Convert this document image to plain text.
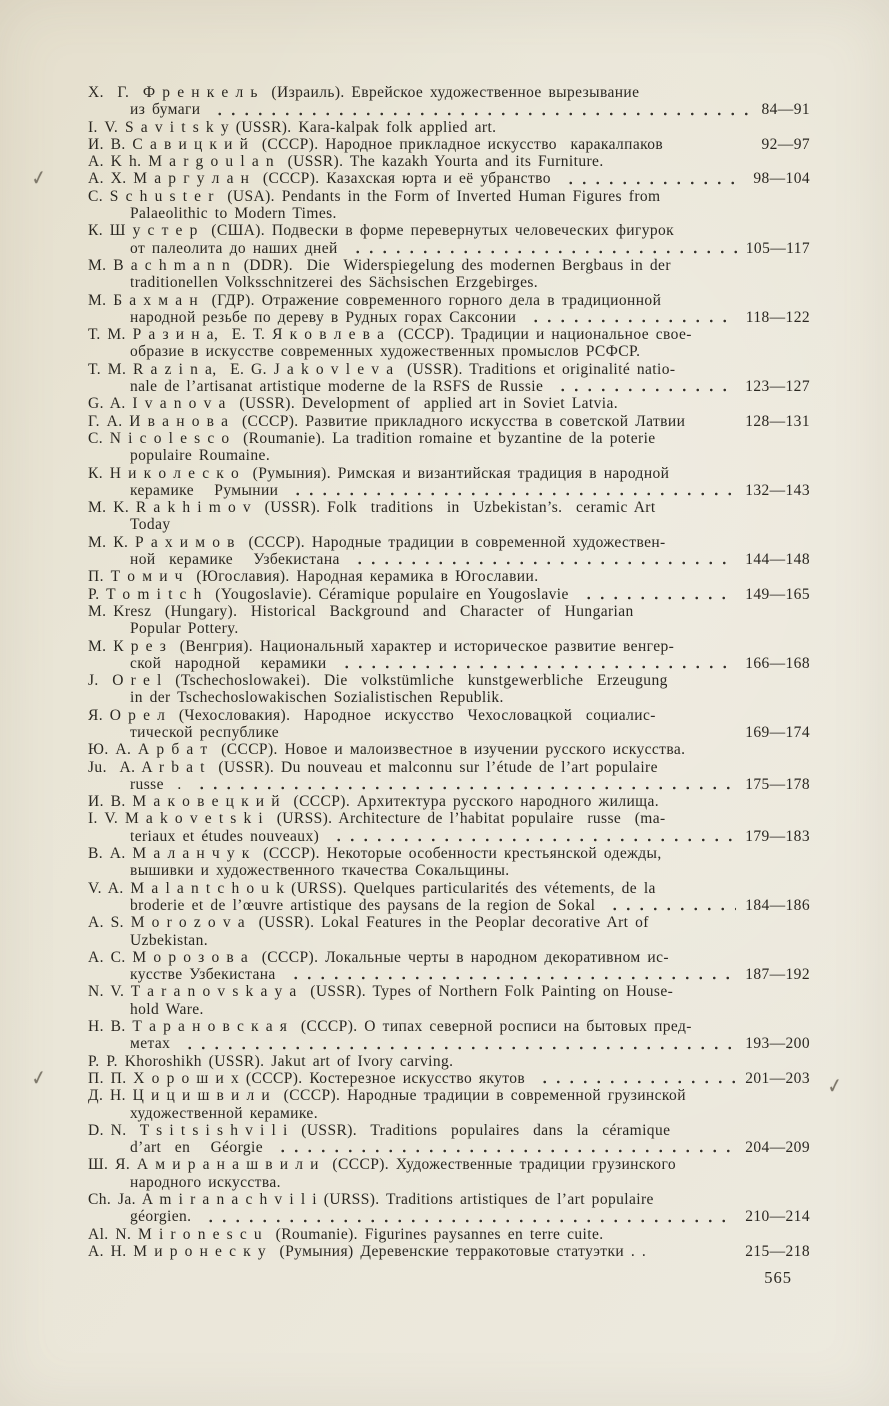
Х.  Г.  Ф р е н к е л ь  (Израиль). Еврейское художественное вырезывание
из бумаги	84—91
I. V. S a v i t s k y (USSR). Kara-kalpak folk applied art.
И. В. С а в и ц к и й  (СССР). Народное прикладное искусство  каракалпаков	92—97
A. K h. M a r g o u l a n  (USSR). The kazakh Yourta and its Furniture.
✓	А. Х. М а р г у л а н  (СССР). Казахская юрта и её убранство	98—104
C. S c h u s t e r  (USA). Pendants in the Form of Inverted Human Figures from
Palaeolithic to Modern Times.
К. Ш у с т е р  (США). Подвески в форме перевернутых человеческих фигурок
от палеолита до наших дней	105—117
M. B a c h m a n n  (DDR).  Die  Widerspiegelung des modernen Bergbaus in der
traditionellen Volksschnitzerei des Sächsischen Erzgebirges.
М. Б а х м а н  (ГДР). Отражение современного горного дела в традиционной
народной резьбе по дереву в Рудных горах Саксонии	118—122
Т. М. Р а з и н а,  Е. Т. Я к о в л е в а  (СССР). Традиции и национальное свое-
образие в искусстве современных художественных промыслов РСФСР.
T. M. R a z i n a,  E. G. J a k o v l e v a  (USSR). Traditions et originalité natio-
nale de l’artisanat artistique moderne de la RSFS de Russie	123—127
G. A. I v a n o v a  (USSR). Development of  applied art in Soviet Latvia.
Г. А. И в а н о в а  (СССР). Развитие прикладного искусства в советской Латвии	128—131
C. N i c o l e s c o  (Roumanie). La tradition romaine et byzantine de la poterie
populaire Roumaine.
К. Н и к о л е с к о  (Румыния). Римская и византийская традиция в народной
керамике   Румынии	132—143
M. K. R a k h i m o v  (USSR). Folk  traditions  in  Uzbekistan’s.  ceramic Art
Today
М. К. Р а х и м о в  (СССР). Народные традиции в современной художествен-
ной  керамике   Узбекистана	144—148
П. Т о м и ч  (Югославия). Народная керамика в Югославии.
P. T o m i t c h  (Yougoslavie). Céramique populaire en Yougoslavie	149—165
M. Kresz  (Hungary).  Historical  Background  and  Character  of  Hungarian
Popular Pottery.
М. К р е з  (Венгрия). Национальный характер и историческое развитие венгер-
ской  народной   керамики	166—168
J.  O r e l  (Tschechoslowakei).  Die  volkstümliche  kunstgewerbliche  Erzeugung
in der Tschechoslowakischen Sozialistischen Republik.
Я. О р е л  (Чехословакия).  Народное  искусство  Чехословацкой  социалис-
тической республике	169—174
Ю. А. А р б а т  (СССР). Новое и малоизвестное в изучении русского искусства.
Ju.  A. A r b a t  (USSR). Du nouveau et malconnu sur l’étude de l’art populaire
russe  .	175—178
И. В. М а к о в е ц к и й  (СССР). Архитектура русского народного жилища.
I. V. M a k o v e t s k i  (URSS). Architecture de l’habitat populaire  russe  (ma-
teriaux et études nouveaux)	179—183
В. А. М а л а н ч у к  (СССР). Некоторые особенности крестьянской одежды,
вышивки и художественного ткачества Сокальщины.
V. A. M a l a n t c h o u k (URSS). Quelques particularités des vétements, de la
broderie et de l’œuvre artistique des paysans de la region de Sokal	184—186
A. S. M o r o z o v a  (USSR). Lokal Features in the Peoplar decorative Art of
Uzbekistan.
А. С. М о р о з о в а  (СССР). Локальные черты в народном декоративном ис-
кусстве Узбекистана	187—192
N. V. T a r a n o v s k a y a  (USSR). Types of Northern Folk Painting on House-
hold Ware.
Н. В. Т а р а н о в с к а я  (СССР). О типах северной росписи на бытовых пред-
метах	193—200
P. P. Khoroshikh (USSR). Jakut art of Ivory carving.
✓	П. П. Х о р о ш и х (СССР). Костерезное искусство якутов	201—203 ✓
Д. Н. Ц и ц и ш в и л и  (СССР). Народные традиции в современной грузинской
художественной керамике.
D. N.  T s i t s i s h v i l i  (USSR).  Traditions  populaires  dans  la  céramique
d’art  en   Géorgie	204—209
Ш. Я. А м и р а н а ш в и л и  (СССР). Художественные традиции грузинского
народного искусства.
Ch. Ja. A m i r a n a c h v i l i (URSS). Traditions artistiques de l’art populaire
géorgien.	210—214
Al. N. M i r o n e s c u  (Roumanie). Figurines paysannes en terre cuite.
А. Н. М и р о н е с к у  (Румыния) Деревенские терракотовые статуэтки . .	215—218
565
